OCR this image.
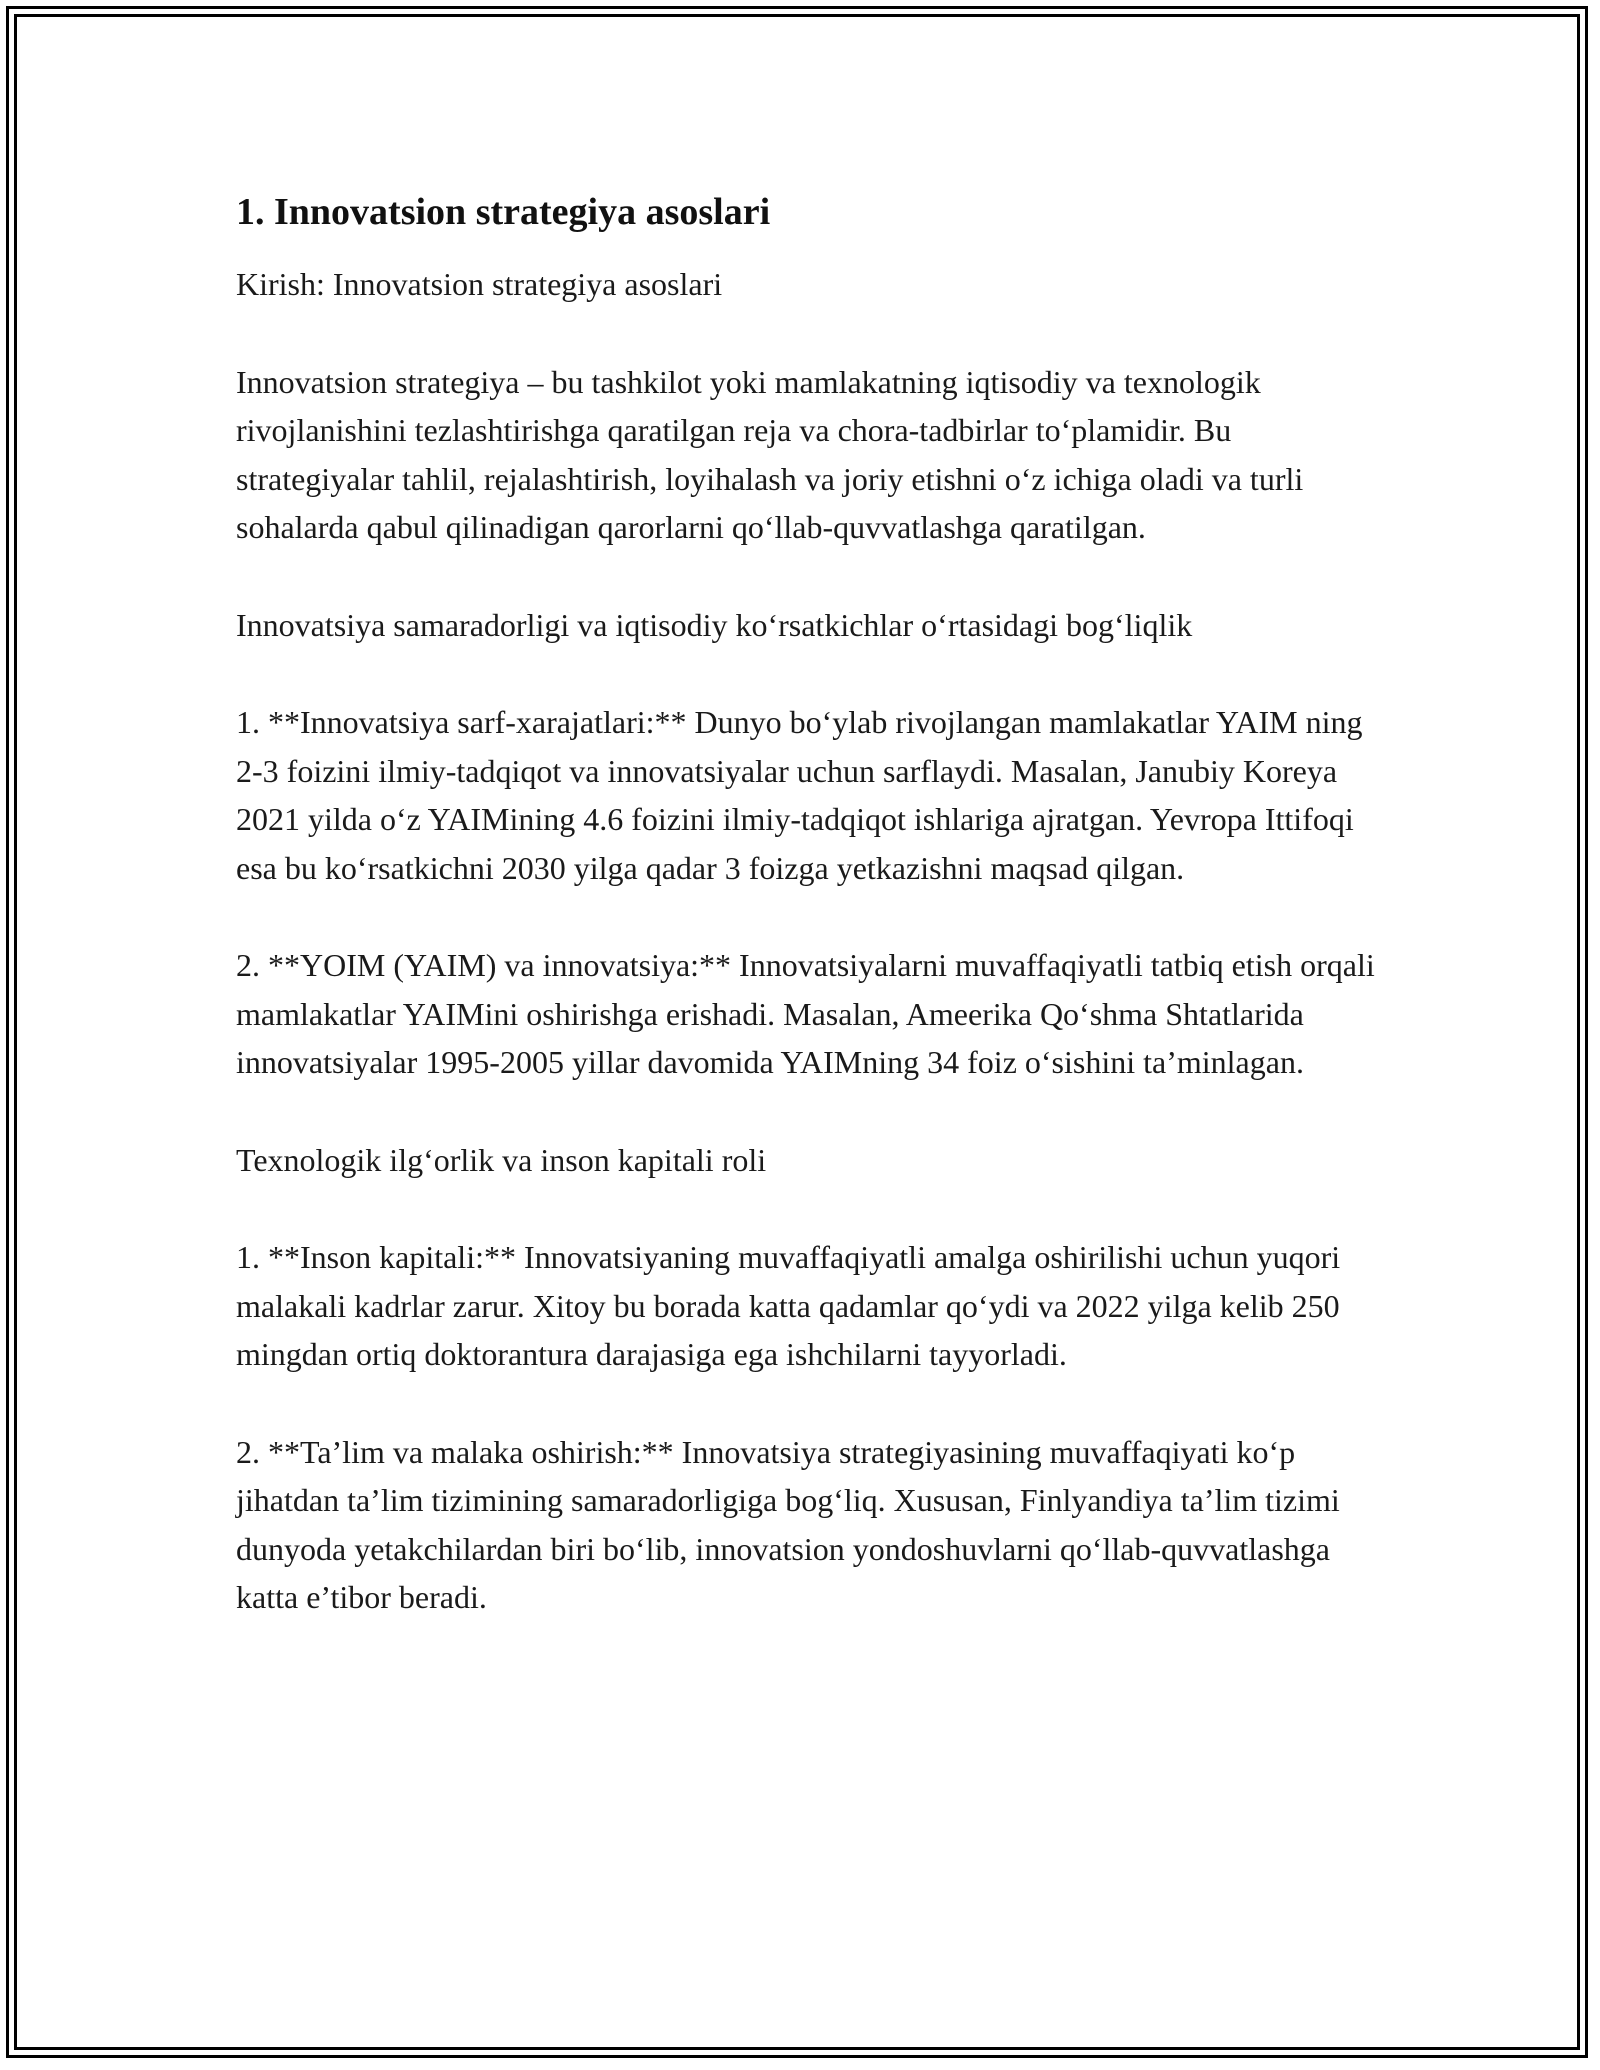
1. Innovatsion strategiya asoslari

Kirish: Innovatsion strategiya asoslari

Innovatsion strategiya – bu tashkilot yoki mamlakatning iqtisodiy va texnologik rivojlanishini tezlashtirishga qaratilgan reja va chora-tadbirlar to‘plamidir. Bu strategiyalar tahlil, rejalashtirish, loyihalash va joriy etishni o‘z ichiga oladi va turli sohalarda qabul qilinadigan qarorlarni qo‘llab-quvvatlashga qaratilgan.

Innovatsiya samaradorligi va iqtisodiy ko‘rsatkichlar o‘rtasidagi bog‘liqlik

1. **Innovatsiya sarf-xarajatlari:** Dunyo bo‘ylab rivojlangan mamlakatlar YAIM ning 2-3 foizini ilmiy-tadqiqot va innovatsiyalar uchun sarflaydi. Masalan, Janubiy Koreya 2021 yilda o‘z YAIMining 4.6 foizini ilmiy-tadqiqot ishlariga ajratgan. Yevropa Ittifoqi esa bu ko‘rsatkichni 2030 yilga qadar 3 foizga yetkazishni maqsad qilgan.

2. **YOIM (YAIM) va innovatsiya:** Innovatsiyalarni muvaffaqiyatli tatbiq etish orqali mamlakatlar YAIMini oshirishga erishadi. Masalan, Ameerika Qo‘shma Shtatlarida innovatsiyalar 1995-2005 yillar davomida YAIMning 34 foiz o‘sishini ta’minlagan.

Texnologik ilg‘orlik va inson kapitali roli

1. **Inson kapitali:** Innovatsiyaning muvaffaqiyatli amalga oshirilishi uchun yuqori malakali kadrlar zarur. Xitoy bu borada katta qadamlar qo‘ydi va 2022 yilga kelib 250 mingdan ortiq doktorantura darajasiga ega ishchilarni tayyorladi.

2. **Ta’lim va malaka oshirish:** Innovatsiya strategiyasining muvaffaqiyati ko‘p jihatdan ta’lim tizimining samaradorligiga bog‘liq. Xususan, Finlyandiya ta’lim tizimi dunyoda yetakchilardan biri bo‘lib, innovatsion yondoshuvlarni qo‘llab-quvvatlashga katta e’tibor beradi.
